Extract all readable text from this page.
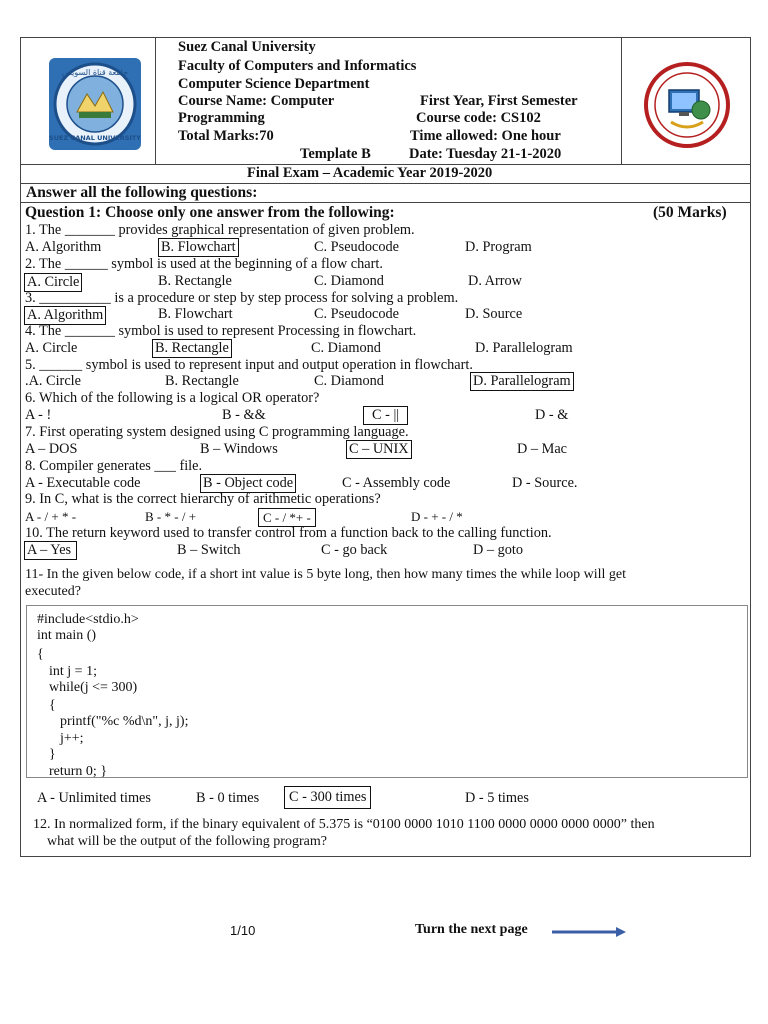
جامعة قناة السويس
SUEZ CANAL UNIVERSITY
Suez Canal University
Faculty of Computers and Informatics
Computer Science Department
Course Name: Computer
Programming
First Year, First Semester
Course code: CS102
Total Marks:70	Time allowed: One hour
Template B	Date: Tuesday 21-1-2020
Final Exam – Academic Year 2019-2020
Answer all the following questions:
Question 1: Choose only one answer from the following:	(50 Marks)
1. The _______ provides graphical representation of given problem.
A. Algorithm	B. Flowchart	C. Pseudocode	D. Program
2. The ______ symbol is used at the beginning of a flow chart.
A. Circle	B. Rectangle	C. Diamond	D. Arrow
3. __________ is a procedure or step by step process for solving a problem.
A. Algorithm	B. Flowchart	C. Pseudocode	D. Source
4. The _______ symbol is used to represent Processing in flowchart.
A. Circle	B. Rectangle	C. Diamond	D. Parallelogram
5. ______ symbol is used to represent input and output operation in flowchart.
.A. Circle	B. Rectangle	C. Diamond	D. Parallelogram
6. Which of the following is a logical OR operator?
A - !	B - &&	C - ||	D - &
7. First operating system designed using C programming language.
A – DOS	B – Windows	C – UNIX	D – Mac
8. Compiler generates ___ file.
A - Executable code	B - Object code	C - Assembly code	D - Source.
9. In C, what is the correct hierarchy of arithmetic operations?
A - / + * -	B - * - / +	C - / *+ -	D - + - / *
10. The return keyword used to transfer control from a function back to the calling function.
A – Yes	B – Switch	C - go back	D – goto
11- In the given below code, if a short int value is 5 byte long, then how many times the while loop will get
executed?
#include<stdio.h>
int main ()
{
int j = 1;
while(j <= 300)
{
printf("%c %d\n", j, j);
j++;
}
return 0; }
A - Unlimited times	B - 0 times	C - 300 times	D - 5 times
12. In normalized form, if the binary equivalent of 5.375 is “0100 0000 1010 1100 0000 0000 0000 0000” then
what will be the output of the following program?
1/10	Turn the next page
